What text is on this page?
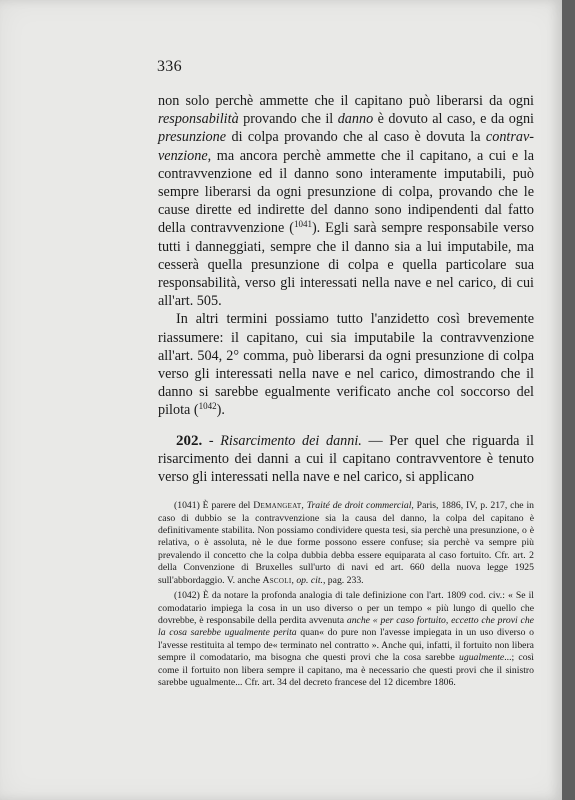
336

non solo perchè ammette che il capitano può liberarsi da ogni responsabilità provando che il danno è dovuto al caso, e da ogni presunzione di colpa provando che al caso è dovuta la contravvenzione, ma ancora perchè ammette che il capitano, a cui e la contravvenzione ed il danno sono interamente imputabili, può sempre liberarsi da ogni presunzione di colpa, provando che le cause dirette ed indirette del danno sono indipendenti dal fatto della contravvenzione ($^{1041}$). Egli sarà sempre responsabile verso tutti i danneggiati, sempre che il danno sia a lui imputabile, ma cesserà quella presunzione di colpa e quella particolare sua responsabilità, verso gli interessati nella nave e nel carico, di cui all'art. 505.

In altri termini possiamo tutto l'anzidetto così brevemente riassumere: il capitano, cui sia imputabile la contravvenzione all'art. 504, 2° comma, può liberarsi da ogni presunzione di colpa verso gli interessati nella nave e nel carico, dimostrando che il danno si sarebbe egualmente verificato anche col soccorso del pilota ($^{1042}$).

202. - Risarcimento dei danni. — Per quel che riguarda il risarcimento dei danni a cui il capitano contravventore è tenuto verso gli interessati nella nave e nel carico, si applicano

(1041) È parere del Demangeat, Traité de droit commercial, Paris, 1886, IV, p. 217, che in caso di dubbio se la contravvenzione sia la causa del danno, la colpa del capitano è definitivamente stabilita. Non possiamo condividere questa tesi, sia perchè una presunzione, o è relativa, o è assoluta, nè le due forme possono essere confuse; sia perchè va sempre più prevalendo il concetto che la colpa dubbia debba essere equiparata al caso fortuito. Cfr. art. 2 della Convenzione di Bruxelles sull'urto di navi ed art. 660 della nuova legge 1925 sull'abbordaggio. V. anche Ascoli, op. cit., pag. 233.

(1042) È da notare la profonda analogia di tale definizione con l'art. 1809 cod. civ.: « Se il comodatario impiega la cosa in un uso diverso o per un tempo « più lungo di quello che dovrebbe, è responsabile della perdita avvenuta anche « per caso fortuito, eccetto che provi che la cosa sarebbe ugualmente perita quan« do pure non l'avesse impiegata in un uso diverso o l'avesse restituita al tempo de« terminato nel contratto ». Anche qui, infatti, il fortuito non libera sempre il comodatario, ma bisogna che questi provi che la cosa sarebbe ugualmente...; così come il fortuito non libera sempre il capitano, ma è necessario che questi provi che il sinistro sarebbe ugualmente... Cfr. art. 34 del decreto francese del 12 dicembre 1806.
